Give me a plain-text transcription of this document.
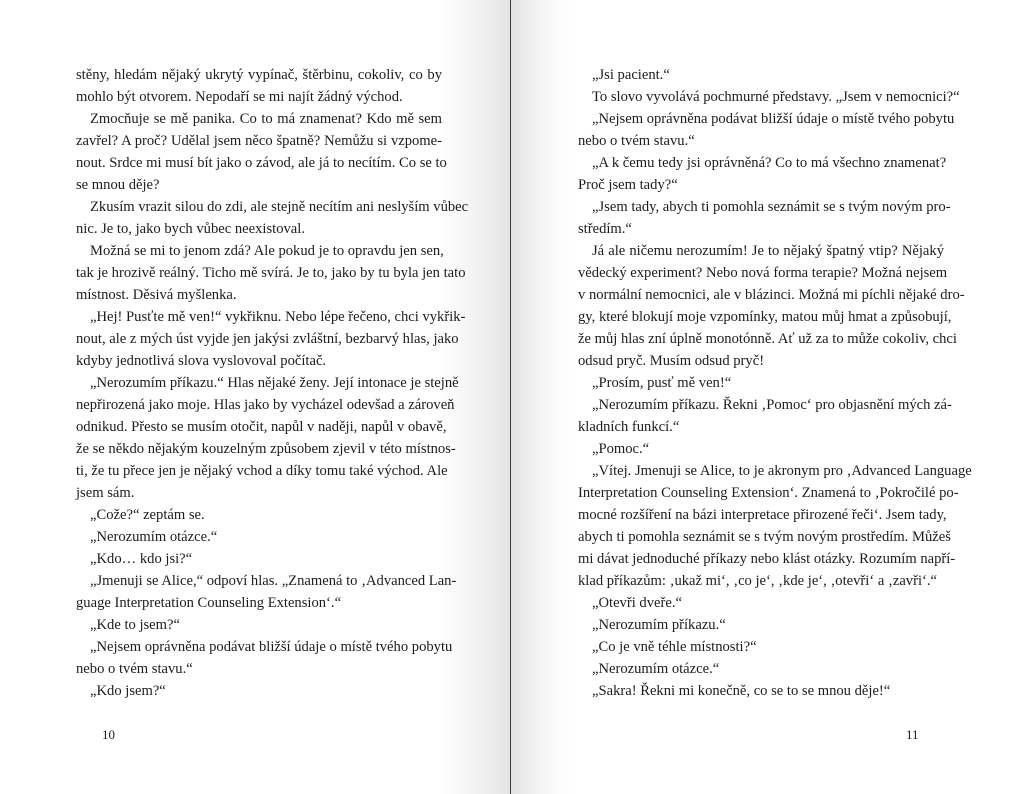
stěny, hledám nějaký ukrytý vypínač, štěrbinu, cokoliv, co by
mohlo být otvorem. Nepodaří se mi najít žádný východ.
Zmocňuje se mě panika. Co to má znamenat? Kdo mě sem
zavřel? A proč? Udělal jsem něco špatně? Nemůžu si vzpome-
nout. Srdce mi musí bít jako o závod, ale já to necítím. Co se to
se mnou děje?
Zkusím vrazit silou do zdi, ale stejně necítím ani neslyším vůbec
nic. Je to, jako bych vůbec neexistoval.
Možná se mi to jenom zdá? Ale pokud je to opravdu jen sen,
tak je hrozivě reálný. Ticho mě svírá. Je to, jako by tu byla jen tato
místnost. Děsivá myšlenka.
„Hej! Pusťte mě ven!“ vykřiknu. Nebo lépe řečeno, chci vykřik-
nout, ale z mých úst vyjde jen jakýsi zvláštní, bezbarvý hlas, jako
kdyby jednotlivá slova vyslovoval počítač.
„Nerozumím příkazu.“ Hlas nějaké ženy. Její intonace je stejně
nepřirozená jako moje. Hlas jako by vycházel odevšad a zároveň
odnikud. Přesto se musím otočit, napůl v naději, napůl v obavě,
že se někdo nějakým kouzelným způsobem zjevil v této místnos-
ti, že tu přece jen je nějaký vchod a díky tomu také východ. Ale
jsem sám.
„Cože?“ zeptám se.
„Nerozumím otázce.“
„Kdo… kdo jsi?“
„Jmenuji se Alice,“ odpoví hlas. „Znamená to ‚Advanced Lan-
guage Interpretation Counseling Extension‘.“
„Kde to jsem?“
„Nejsem oprávněna podávat bližší údaje o místě tvého pobytu
nebo o tvém stavu.“
„Kdo jsem?“
10
„Jsi pacient.“
To slovo vyvolává pochmurné představy. „Jsem v nemocnici?“
„Nejsem oprávněna podávat bližší údaje o místě tvého pobytu
nebo o tvém stavu.“
„A k čemu tedy jsi oprávněná? Co to má všechno znamenat?
Proč jsem tady?“
„Jsem tady, abych ti pomohla seznámit se s tvým novým pro-
středím.“
Já ale ničemu nerozumím! Je to nějaký špatný vtip? Nějaký
vědecký experiment? Nebo nová forma terapie? Možná nejsem
v normální nemocnici, ale v blázinci. Možná mi píchli nějaké dro-
gy, které blokují moje vzpomínky, matou můj hmat a způsobují,
že můj hlas zní úplně monotónně. Ať už za to může cokoliv, chci
odsud pryč. Musím odsud pryč!
„Prosím, pusť mě ven!“
„Nerozumím příkazu. Řekni ‚Pomoc‘ pro objasnění mých zá-
kladních funkcí.“
„Pomoc.“
„Vítej. Jmenuji se Alice, to je akronym pro ‚Advanced Language
Interpretation Counseling Extension‘. Znamená to ‚Pokročilé po-
mocné rozšíření na bázi interpretace přirozené řeči‘. Jsem tady,
abych ti pomohla seznámit se s tvým novým prostředím. Můžeš
mi dávat jednoduché příkazy nebo klást otázky. Rozumím napří-
klad příkazům: ‚ukaž mi‘, ‚co je‘, ‚kde je‘, ‚otevři‘ a ‚zavři‘.“
„Otevři dveře.“
„Nerozumím příkazu.“
„Co je vně téhle místnosti?“
„Nerozumím otázce.“
„Sakra! Řekni mi konečně, co se to se mnou děje!“
11
